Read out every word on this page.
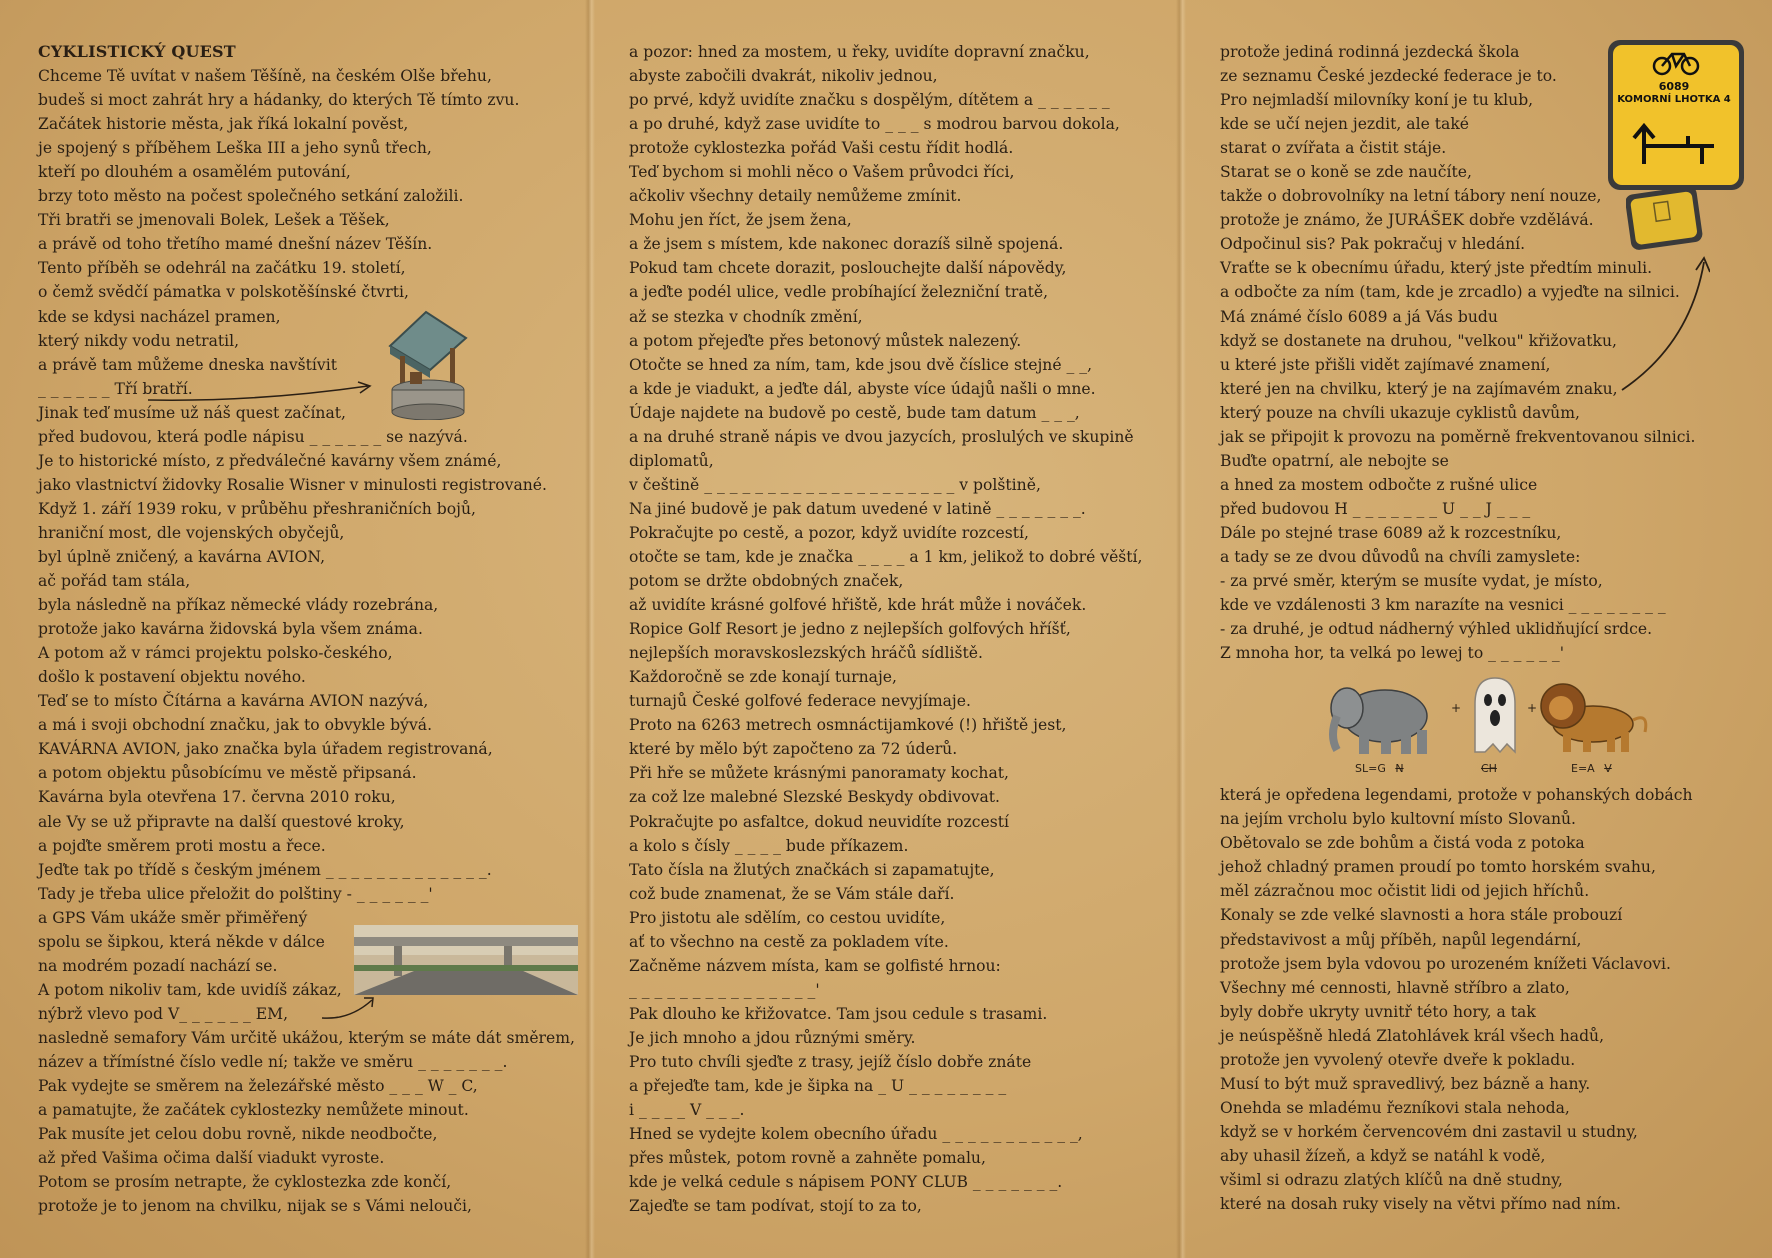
CYKLISTICKÝ QUEST
Chceme Tě uvítat v našem Těšíně, na českém Olše břehu,
budeš si moct zahrát hry a hádanky, do kterých Tě tímto zvu.
Začátek historie města, jak říká lokalní pověst,
je spojený s příběhem Leška III a jeho synů třech,
kteří po dlouhém a osamělém putování,
brzy toto město na počest společného setkání založili.
Tři bratři se jmenovali Bolek, Lešek a Těšek,
a právě od toho třetího mamé dnešní název Těšín.
Tento příběh se odehrál na začátku 19. století,
o čemž svědčí pámatka v polskotěšínské čtvrti,
kde se kdysi nacházel pramen,
který nikdy vodu netratil,
a právě tam můžeme dneska navštívit
_ _ _ _ _ _ Tří bratří.
Jinak teď musíme už náš quest začínat,
před budovou, která podle nápisu _ _ _ _ _ _ se nazývá.
Je to historické místo, z předválečné kavárny všem známé,
jako vlastnictví židovky Rosalie Wisner v minulosti registrované.
Když 1. září 1939 roku, v průběhu přeshraničních bojů,
hraniční most, dle vojenských obyčejů,
byl úplně zničený, a kavárna AVION,
ač pořád tam stála,
byla následně na příkaz německé vlády rozebrána,
protože jako kavárna židovská byla všem známa.
A potom až v rámci projektu polsko-českého,
došlo k postavení objektu nového.
Teď se to místo Čítárna a kavárna AVION nazývá,
a má i svoji obchodní značku, jak to obvykle bývá.
KAVÁRNA AVION, jako značka byla úřadem registrovaná,
a potom objektu působícímu ve městě připsaná.
Kavárna byla otevřena 17. června 2010 roku,
ale Vy se už připravte na další questové kroky,
a pojďte směrem proti mostu a řece.
Jeďte tak po třídě s českým jménem _ _ _ _ _ _ _ _ _ _ _ _ _.
Tady je třeba ulice přeložit do polštiny - _ _ _ _ _ _'
a GPS Vám ukáže směr přiměřený
spolu se šipkou, která někde v dálce
na modrém pozadí nachází se.
A potom nikoliv tam, kde uvidíš zákaz,
nýbrž vlevo pod V_ _ _ _ _ _ EM,
nasledně semafory Vám určitě ukážou, kterým se máte dát směrem,
název a třímístné číslo vedle ní; takže ve směru _ _ _ _ _ _ _.
Pak vydejte se směrem na železářské město _ _ _ W _ C,
a pamatujte, že začátek cyklostezky nemůžete minout.
Pak musíte jet celou dobu rovně, nikde neodbočte,
až před Vašima očima další viadukt vyroste.
Potom se prosím netrapte, že cyklostezka zde končí,
protože je to jenom na chvilku, nijak se s Vámi nelouči,
a pozor: hned za mostem, u řeky, uvidíte dopravní značku,
abyste zabočili dvakrát, nikoliv jednou,
po prvé, když uvidíte značku s dospělým, dítětem a _ _ _ _ _ _
a po druhé, když zase uvidíte to _ _ _ s modrou barvou dokola,
protože cyklostezka pořád Vaši cestu řídit hodlá.
Teď bychom si mohli něco o Vašem průvodci říci,
ačkoliv všechny detaily nemůžeme zmínit.
Mohu jen říct, že jsem žena,
a že jsem s místem, kde nakonec dorazíš silně spojená.
Pokud tam chcete dorazit, poslouchejte další nápovědy,
a jeďte podél ulice, vedle probíhající železniční tratě,
až se stezka v chodník změní,
a potom přejeďte přes betonový můstek nalezený.
Otočte se hned za ním, tam, kde jsou dvě číslice stejné _ _,
a kde je viadukt, a jeďte dál, abyste více údajů našli o mne.
Údaje najdete na budově po cestě, bude tam datum _ _ _,
a na druhé straně nápis ve dvou jazycích, proslulých ve skupině
diplomatů,
v češtině _ _ _ _ _ _ _ _ _ _ _ _ _ _ _ _ _ _ _ _ v polštině,
Na jiné budově je pak datum uvedené v latině _ _ _ _ _ _ _.
Pokračujte po cestě, a pozor, když uvidíte rozcestí,
otočte se tam, kde je značka _ _ _ _ a 1 km, jelikož to dobré věští,
potom se držte obdobných značek,
až uvidíte krásné golfové hřiště, kde hrát může i nováček.
Ropice Golf Resort je jedno z nejlepších golfových hříšť,
nejlepších moravskoslezských hráčů sídliště.
Každoročně se zde konají turnaje,
turnajů České golfové federace nevyjímaje.
Proto na 6263 metrech osmnáctijamkové (!) hřiště jest,
které by mělo být započteno za 72 úderů.
Při hře se můžete krásnými panoramaty kochat,
za což lze malebné Slezské Beskydy obdivovat.
Pokračujte po asfaltce, dokud neuvidíte rozcestí
a kolo s čísly _ _ _ _ bude příkazem.
Tato čísla na žlutých značkách si zapamatujte,
což bude znamenat, že se Vám stále daří.
Pro jistotu ale sdělím, co cestou uvidíte,
ať to všechno na cestě za pokladem víte.
Začněme názvem místa, kam se golfisté hrnou:
_ _ _ _ _ _ _ _ _ _ _ _ _ _ _'
Pak dlouho ke křižovatce. Tam jsou cedule s trasami.
Je jich mnoho a jdou různými směry.
Pro tuto chvíli sjeďte z trasy, jejíž číslo dobře znáte
a přejeďte tam, kde je šipka na _ U _ _ _ _ _ _ _ _
i _ _ _ _ V _ _ _.
Hned se vydejte kolem obecního úřadu _ _ _ _ _ _ _ _ _ _ _,
přes můstek, potom rovně a zahněte pomalu,
kde je velká cedule s nápisem PONY CLUB _ _ _ _ _ _ _.
Zajeďte se tam podívat, stojí to za to,
protože jediná rodinná jezdecká škola
ze seznamu České jezdecké federace je to.
Pro nejmladší milovníky koní je tu klub,
kde se učí nejen jezdit, ale také
starat o zvířata a čistit stáje.
Starat se o koně se zde naučíte,
takže o dobrovolníky na letní tábory není nouze,
protože je známo, že JURÁŠEK dobře vzdělává.
Odpočinul sis? Pak pokračuj v hledání.
Vraťte se k obecnímu úřadu, který jste předtím minuli.
a odbočte za ním (tam, kde je zrcadlo) a vyjeďte na silnici.
Má známé číslo 6089 a já Vás budu
když se dostanete na druhou, "velkou" křižovatku,
u které jste přišli vidět zajímavé znamení,
které jen na chvilku, který je na zajímavém znaku,
který pouze na chvíli ukazuje cyklistů davům,
jak se připojit k provozu na poměrně frekventovanou silnici.
Buďte opatrní, ale nebojte se
a hned za mostem odbočte z rušné ulice
před budovou H _ _ _ _ _ _ _ U _ _ J _ _ _
Dále po stejné trase 6089 až k rozcestníku,
a tady se ze dvou důvodů na chvíli zamyslete:
- za prvé směr, kterým se musíte vydat, je místo,
kde ve vzdálenosti 3 km narazíte na vesnici _ _ _ _ _ _ _ _
- za druhé, je odtud nádherný výhled uklidňující srdce.
Z mnoha hor, ta velká po lewej to _ _ _ _ _ _'
která je opředena legendami, protože v pohanských dobách
na jejím vrcholu bylo kultovní místo Slovanů.
Obětovalo se zde bohům a čistá voda z potoka
jehož chladný pramen proudí po tomto horském svahu,
měl zázračnou moc očistit lidi od jejich hříchů.
Konaly se zde velké slavnosti a hora stále probouzí
představivost a můj příběh, napůl legendární,
protože jsem byla vdovou po urozeném knížeti Václavovi.
Všechny mé cennosti, hlavně stříbro a zlato,
byly dobře ukryty uvnitř této hory, a tak
je neúspěšně hledá Zlatohlávek král všech hadů,
protože jen vyvolený otevře dveře k pokladu.
Musí to být muž spravedlivý, bez bázně a hany.
Onehda se mladému řezníkovi stala nehoda,
když se v horkém červencovém dni zastavil u studny,
aby uhasil žízeň, a když se natáhl k vodě,
všiml si odrazu zlatých klíčů na dně studny,
které na dosah ruky visely na větvi přímo nad ním.
6089
KOMORNÍ LHOTKA 4
+	+
SL=G N	CH	E=A V
